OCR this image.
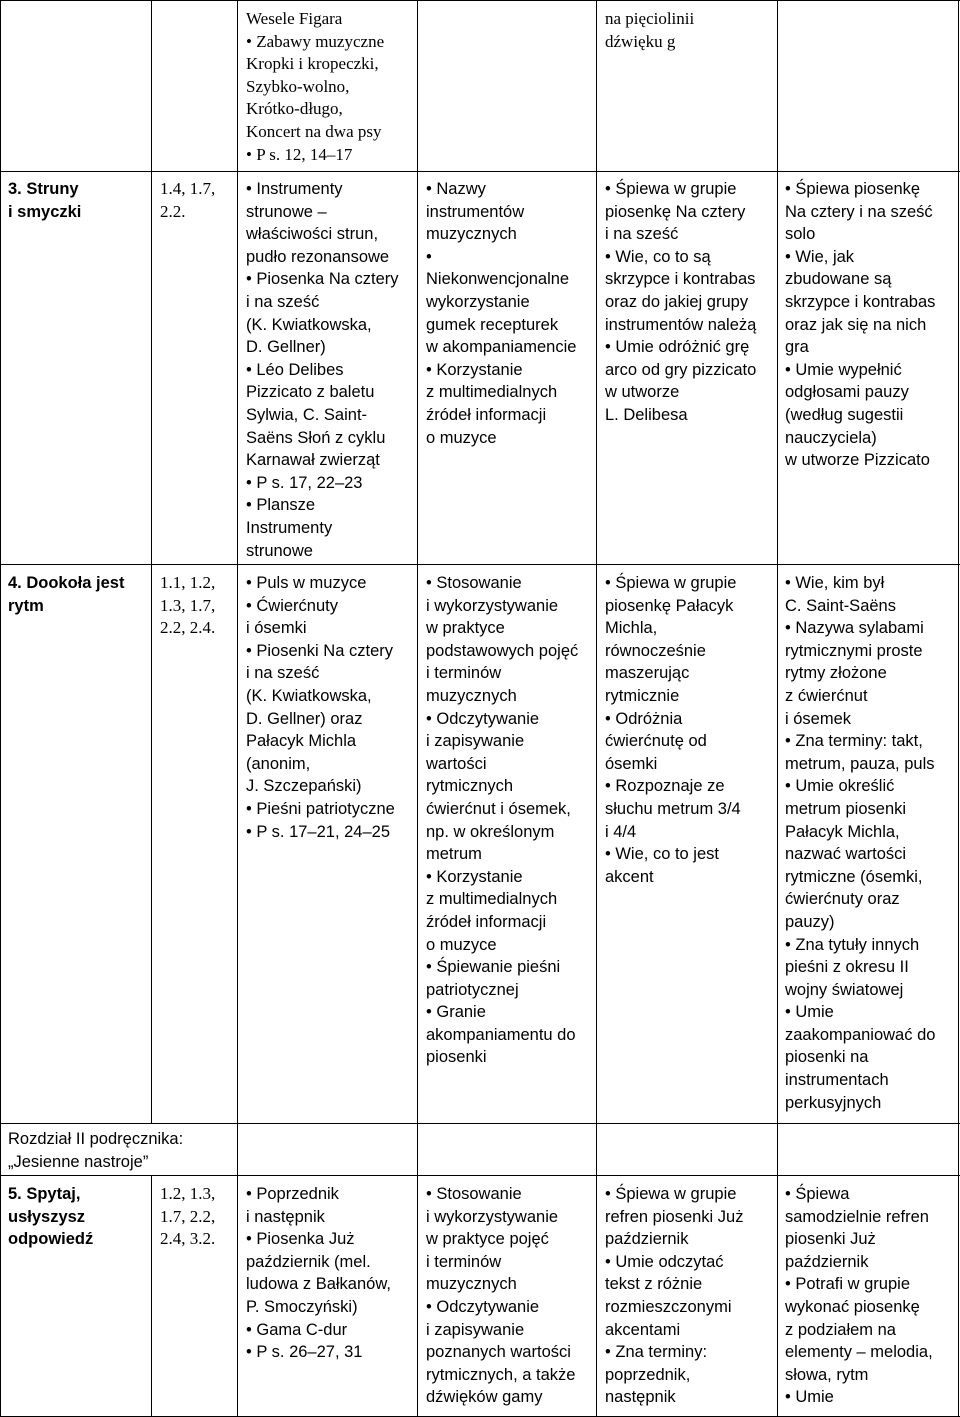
Wesele Figara
• Zabawy muzyczne
Kropki i kropeczki,
Szybko-wolno,
Krótko-długo,
Koncert na dwa psy
• P s. 12, 14–17
na pięciolinii
dźwięku g
3. Struny
i smyczki
1.4, 1.7,
2.2.
• Instrumenty
strunowe –
właściwości strun,
pudło rezonansowe
• Piosenka Na cztery
i na sześć
(K. Kwiatkowska,
D. Gellner)
• Léo Delibes
Pizzicato z baletu
Sylwia, C. Saint-
Saëns Słoń z cyklu
Karnawał zwierząt
• P s. 17, 22–23
• Plansze
Instrumenty
strunowe
• Nazwy
instrumentów
muzycznych
•
Niekonwencjonalne
wykorzystanie
gumek recepturek
w akompaniamencie
• Korzystanie
z multimedialnych
źródeł informacji
o muzyce
• Śpiewa w grupie
piosenkę Na cztery
i na sześć
• Wie, co to są
skrzypce i kontrabas
oraz do jakiej grupy
instrumentów należą
• Umie odróżnić grę
arco od gry pizzicato
w utworze
L. Delibesa
• Śpiewa piosenkę
Na cztery i na sześć
solo
• Wie, jak
zbudowane są
skrzypce i kontrabas
oraz jak się na nich
gra
• Umie wypełnić
odgłosami pauzy
(według sugestii
nauczyciela)
w utworze Pizzicato
4. Dookoła jest
rytm
1.1, 1.2,
1.3, 1.7,
2.2, 2.4.
• Puls w muzyce
• Ćwierćnuty
i ósemki
• Piosenki Na cztery
i na sześć
(K. Kwiatkowska,
D. Gellner) oraz
Pałacyk Michla
(anonim,
J. Szczepański)
• Pieśni patriotyczne
• P s. 17–21, 24–25
• Stosowanie
i wykorzystywanie
w praktyce
podstawowych pojęć
i terminów
muzycznych
• Odczytywanie
i zapisywanie
wartości
rytmicznych
ćwierćnut i ósemek,
np. w określonym
metrum
• Korzystanie
z multimedialnych
źródeł informacji
o muzyce
• Śpiewanie pieśni
patriotycznej
• Granie
akompaniamentu do
piosenki
• Śpiewa w grupie
piosenkę Pałacyk
Michla,
równocześnie
maszerując
rytmicznie
• Odróżnia
ćwierćnutę od
ósemki
• Rozpoznaje ze
słuchu metrum 3/4
i 4/4
• Wie, co to jest
akcent
• Wie, kim był
C. Saint-Saëns
• Nazywa sylabami
rytmicznymi proste
rytmy złożone
z ćwierćnut
i ósemek
• Zna terminy: takt,
metrum, pauza, puls
• Umie określić
metrum piosenki
Pałacyk Michla,
nazwać wartości
rytmiczne (ósemki,
ćwierćnuty oraz
pauzy)
• Zna tytuły innych
pieśni z okresu II
wojny światowej
• Umie
zaakompaniować do
piosenki na
instrumentach
perkusyjnych
Rozdział II podręcznika:
„Jesienne nastroje”
5. Spytaj,
usłyszysz
odpowiedź
1.2, 1.3,
1.7, 2.2,
2.4, 3.2.
• Poprzednik
i następnik
• Piosenka Już
październik (mel.
ludowa z Bałkanów,
P. Smoczyński)
• Gama C-dur
• P s. 26–27, 31
• Stosowanie
i wykorzystywanie
w praktyce pojęć
i terminów
muzycznych
• Odczytywanie
i zapisywanie
poznanych wartości
rytmicznych, a także
dźwięków gamy
• Śpiewa w grupie
refren piosenki Już
październik
• Umie odczytać
tekst z różnie
rozmieszczonymi
akcentami
• Zna terminy:
poprzednik,
następnik
• Śpiewa
samodzielnie refren
piosenki Już
październik
• Potrafi w grupie
wykonać piosenkę
z podziałem na
elementy – melodia,
słowa, rytm
• Umie
